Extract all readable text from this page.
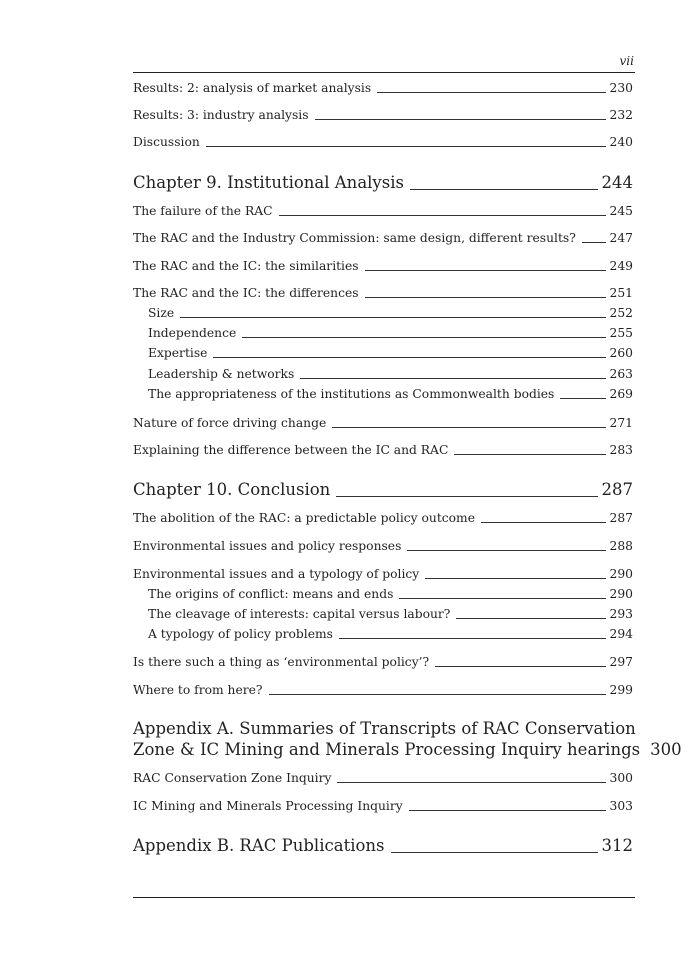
vii
Results: 2: analysis of market analysis	230
Results: 3: industry analysis	232
Discussion	240
Chapter 9. Institutional Analysis	244
The failure of the RAC	245
The RAC and the Industry Commission: same design, different results?	247
The RAC and the IC: the similarities	249
The RAC and the IC: the differences	251
Size	252
Independence	255
Expertise	260
Leadership & networks	263
The appropriateness of the institutions as Commonwealth bodies	269
Nature of force driving change	271
Explaining the difference between the IC and RAC	283
Chapter 10. Conclusion	287
The abolition of the RAC: a predictable policy outcome	287
Environmental issues and policy responses	288
Environmental issues and a typology of policy	290
The origins of conflict: means and ends	290
The cleavage of interests: capital versus labour?	293
A typology of policy problems	294
Is there such a thing as ‘environmental policy’?	297
Where to from here?	299
Appendix A. Summaries of Transcripts of RAC Conservation
Zone & IC Mining and Minerals Processing Inquiry hearings 300
RAC Conservation Zone Inquiry	300
IC Mining and Minerals Processing Inquiry	303
Appendix B. RAC Publications	312
